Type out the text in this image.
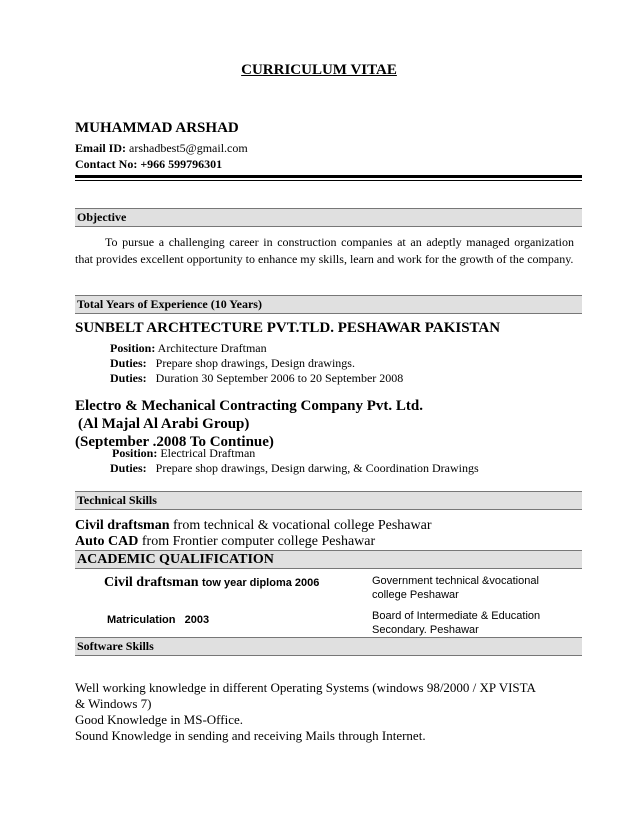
CURRICULUM VITAE
MUHAMMAD ARSHAD
Email ID: arshadbest5@gmail.com
Contact No: +966 599796301
Objective
To pursue a challenging career in construction companies at an adeptly managed organization that provides excellent opportunity to enhance my skills, learn and work for the growth of the company.
Total Years of Experience (10 Years)
SUNBELT ARCHTECTURE PVT.TLD. PESHAWAR PAKISTAN
Position: Architecture Draftman
Duties: Prepare shop drawings, Design drawings.
Duties: Duration 30 September 2006 to 20 September 2008
Electro & Mechanical Contracting Company Pvt. Ltd.
(Al Majal Al Arabi Group)
(September .2008 To Continue)
Position: Electrical Draftman
Duties: Prepare shop drawings, Design darwing, & Coordination Drawings
Technical Skills
Civil draftsman from technical & vocational college Peshawar
Auto CAD from Frontier computer college Peshawar
ACADEMIC QUALIFICATION
Civil draftsman tow year diploma 2006	Government technical &vocational
college Peshawar
Matriculation 2003	Board of Intermediate & Education
Secondary. Peshawar
Software Skills
Well working knowledge in different Operating Systems (windows 98/2000 / XP VISTA
& Windows 7)
Good Knowledge in MS-Office.
Sound Knowledge in sending and receiving Mails through Internet.
